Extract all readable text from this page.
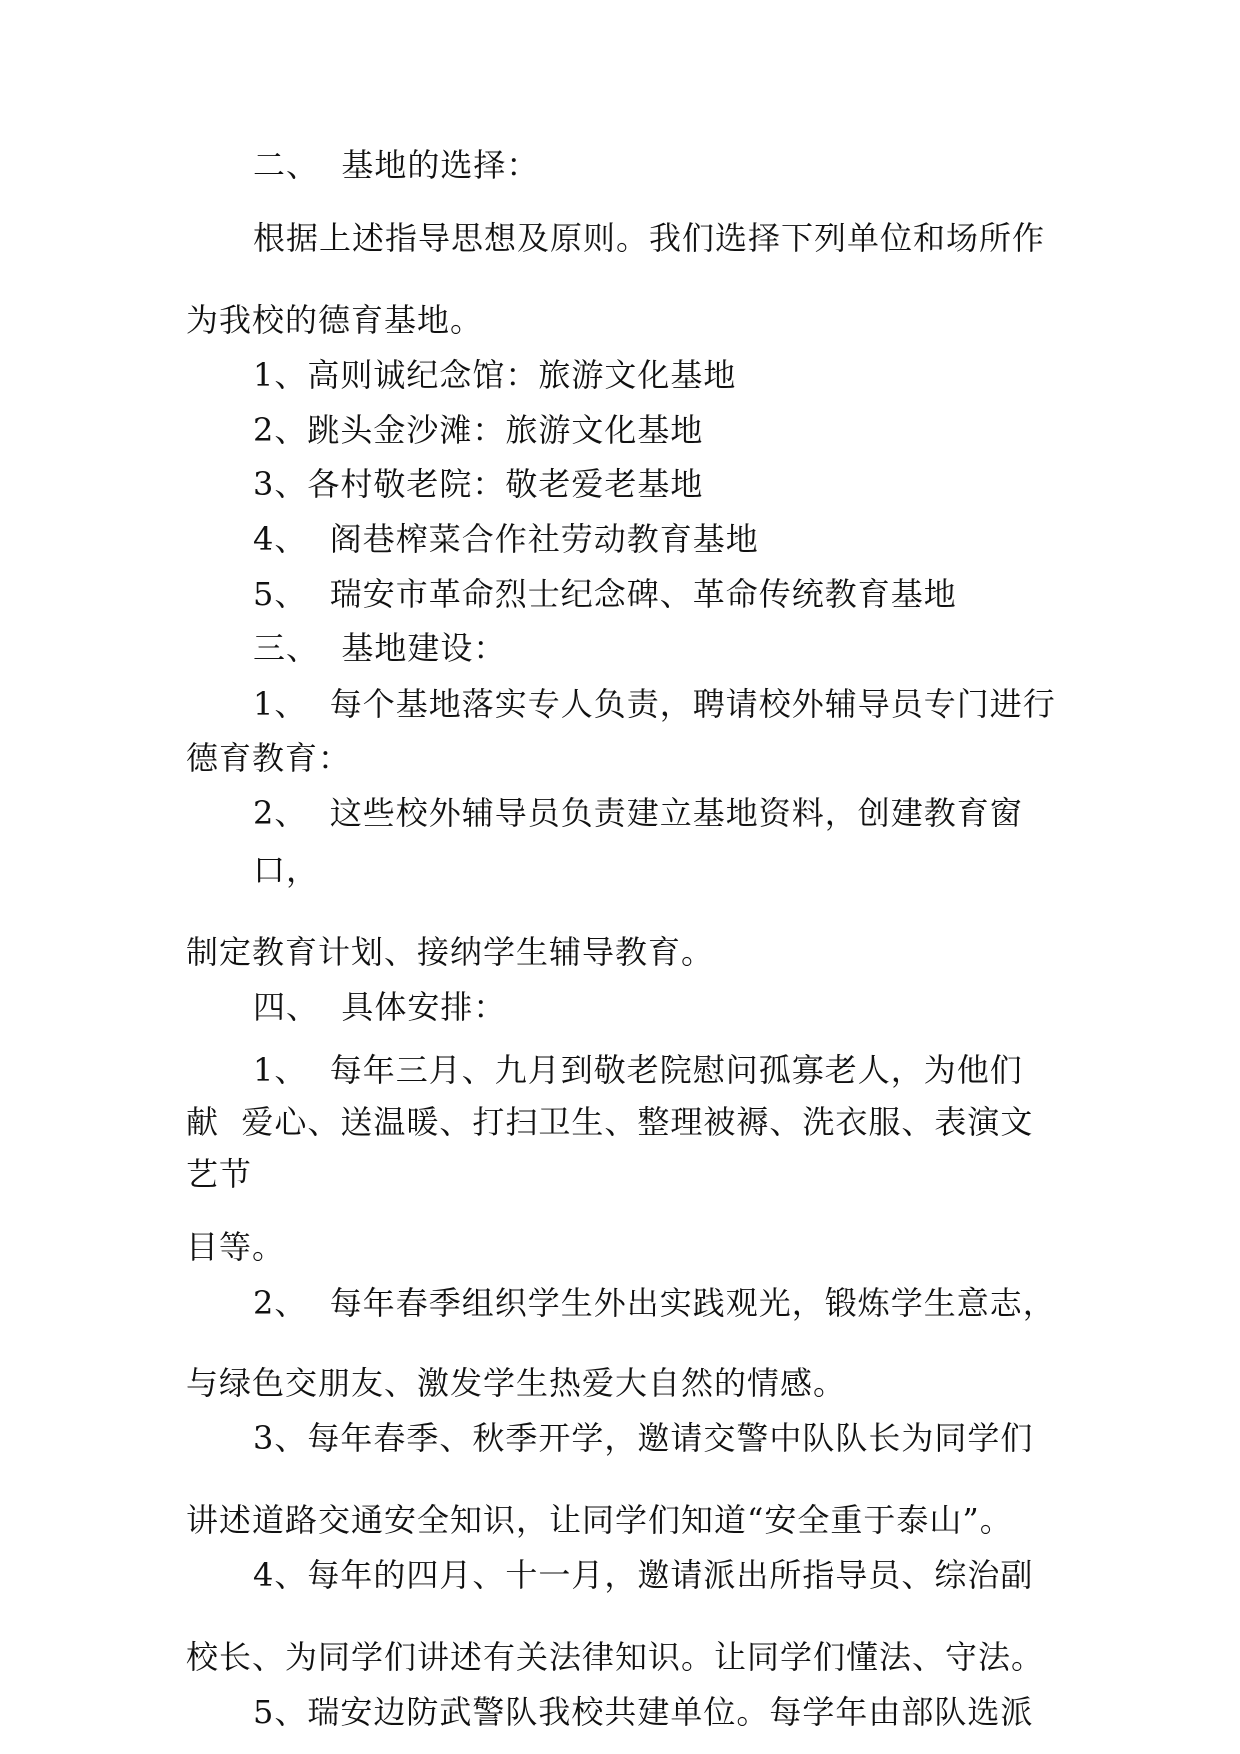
二、  基地的选择：
根据上述指导思想及原则。我们选择下列单位和场所作
为我校的德育基地。
1、高则诚纪念馆：旅游文化基地
2、跳头金沙滩：旅游文化基地
3、各村敬老院：敬老爱老基地
4、  阁巷榨菜合作社劳动教育基地
5、  瑞安市革命烈士纪念碑、革命传统教育基地
三、  基地建设：
1、  每个基地落实专人负责，聘请校外辅导员专门进行
德育教育：
2、  这些校外辅导员负责建立基地资料，创建教育窗
口，
制定教育计划、接纳学生辅导教育。
四、  具体安排：
1、  每年三月、九月到敬老院慰问孤寡老人，为他们
献  爱心、送温暖、打扫卫生、整理被褥、洗衣服、表演文
艺节
目等。
2、  每年春季组织学生外出实践观光，锻炼学生意志，
与绿色交朋友、激发学生热爱大自然的情感。
3、每年春季、秋季开学，邀请交警中队队长为同学们
讲述道路交通安全知识，让同学们知道“安全重于泰山”。
4、每年的四月、十一月，邀请派出所指导员、综治副
校长、为同学们讲述有关法律知识。让同学们懂法、守法。
5、瑞安边防武警队我校共建单位。每学年由部队选派
